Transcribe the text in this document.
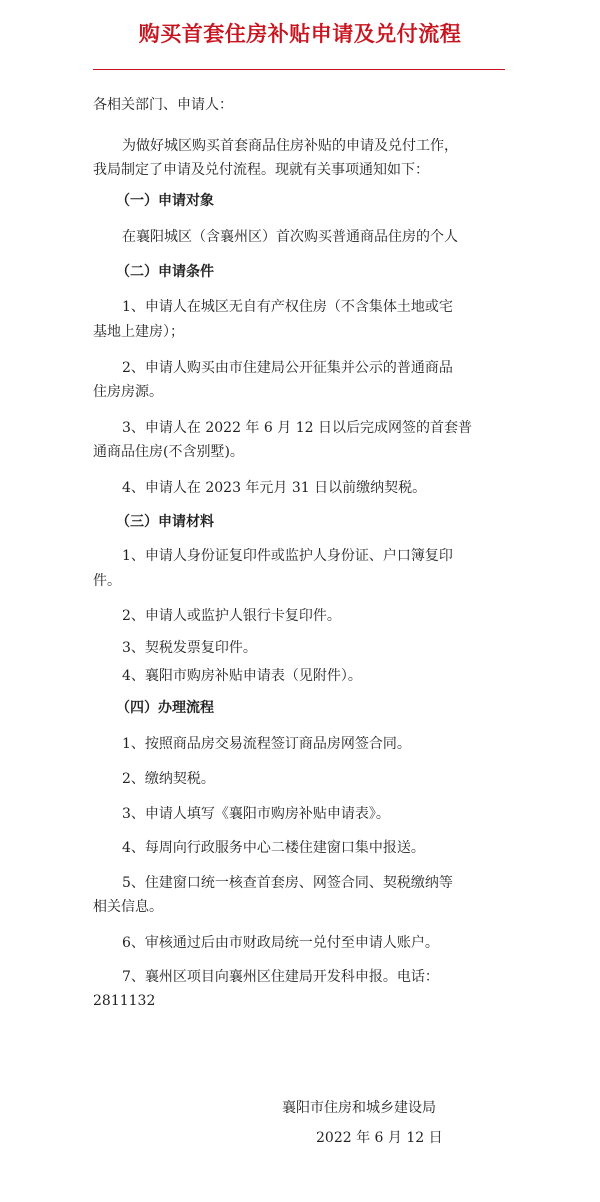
购买首套住房补贴申请及兑付流程

各相关部门、申请人：

为做好城区购买首套商品住房补贴的申请及兑付工作，

我局制定了申请及兑付流程。现就有关事项通知如下：

（一）申请对象

在襄阳城区（含襄州区）首次购买普通商品住房的个人

（二）申请条件

1、申请人在城区无自有产权住房（不含集体土地或宅

基地上建房）；

2、申请人购买由市住建局公开征集并公示的普通商品

住房房源。

3、申请人在 2022 年 6 月 12 日以后完成网签的首套普

通商品住房(不含别墅)。

4、申请人在 2023 年元月 31 日以前缴纳契税。

（三）申请材料

1、申请人身份证复印件或监护人身份证、户口簿复印

件。

2、申请人或监护人银行卡复印件。

3、契税发票复印件。

4、襄阳市购房补贴申请表（见附件）。

（四）办理流程

1、按照商品房交易流程签订商品房网签合同。

2、缴纳契税。

3、申请人填写《襄阳市购房补贴申请表》。

4、每周向行政服务中心二楼住建窗口集中报送。

5、住建窗口统一核查首套房、网签合同、契税缴纳等

相关信息。

6、审核通过后由市财政局统一兑付至申请人账户。

7、襄州区项目向襄州区住建局开发科申报。电话：

2811132

襄阳市住房和城乡建设局

2022 年 6 月 12 日
